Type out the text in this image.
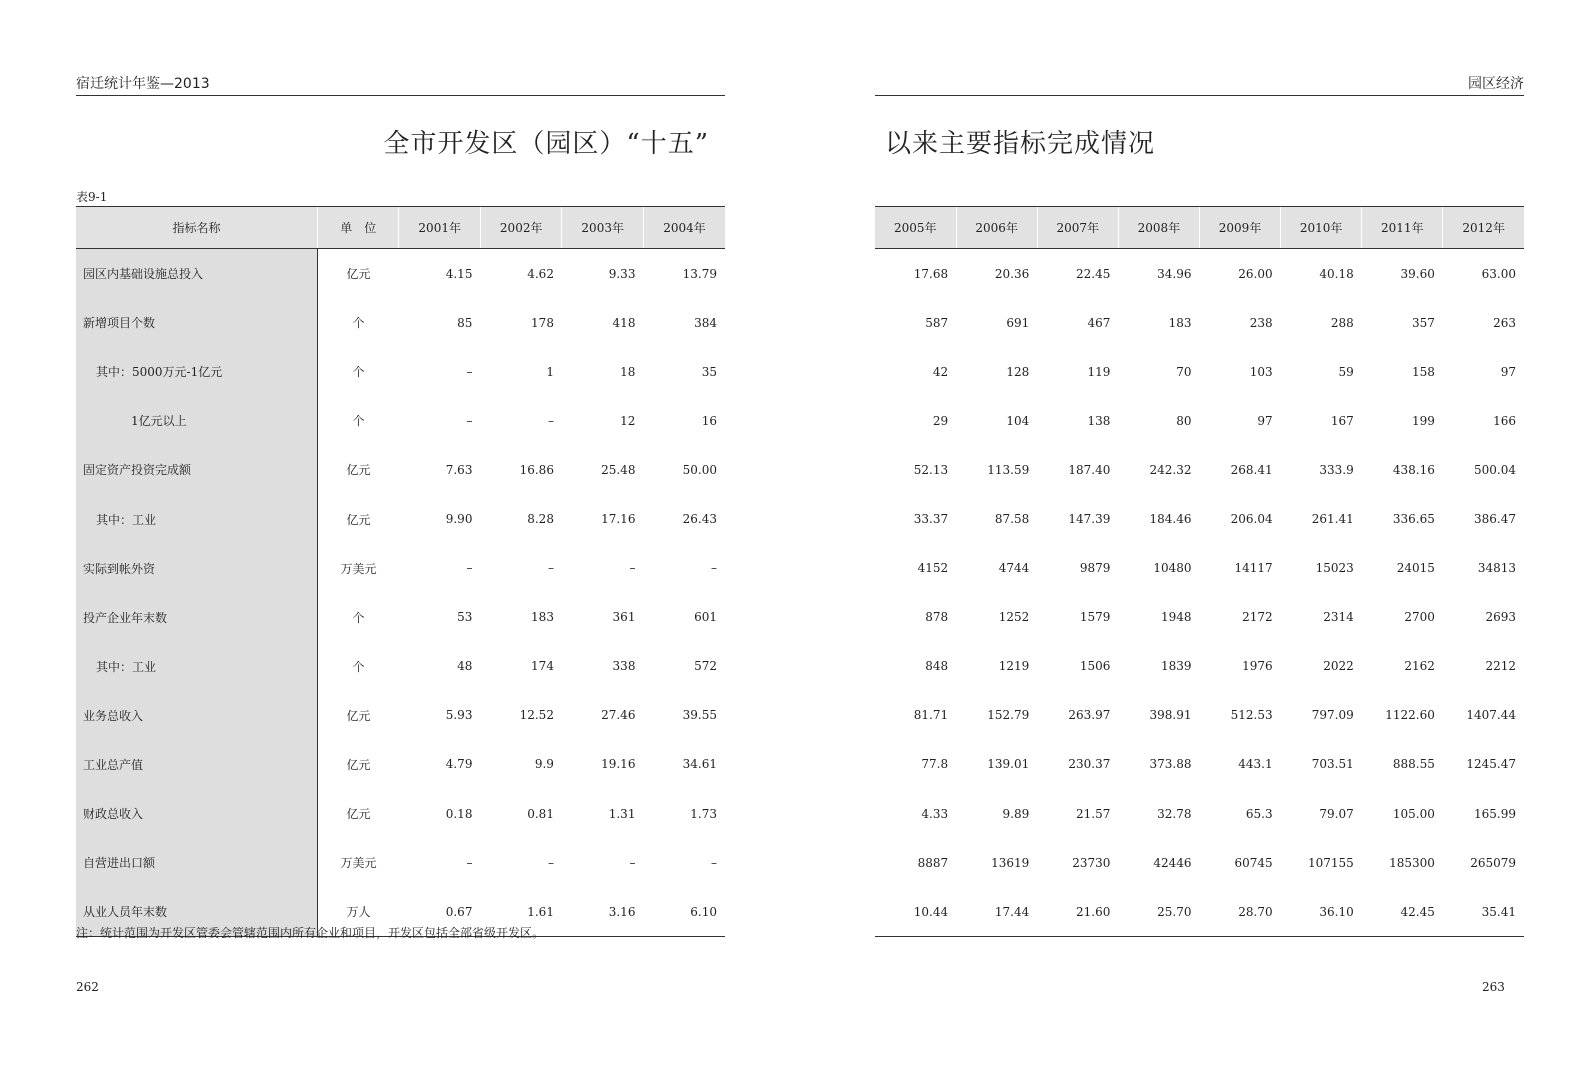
宿迁统计年鉴—2013
全市开发区（园区）“十五”
表9-1
指标名称	单　位	2001年	2002年	2003年	2004年
园区内基础设施总投入	亿元	4.15	4.62	9.33	13.79
新增项目个数	个	85	178	418	384
其中：5000万元-1亿元	个	–	1	18	35
1亿元以上	个	–	–	12	16
固定资产投资完成额	亿元	7.63	16.86	25.48	50.00
其中：工业	亿元	9.90	8.28	17.16	26.43
实际到帐外资	万美元	–	–	–	–
投产企业年末数	个	53	183	361	601
其中：工业	个	48	174	338	572
业务总收入	亿元	5.93	12.52	27.46	39.55
工业总产值	亿元	4.79	9.9	19.16	34.61
财政总收入	亿元	0.18	0.81	1.31	1.73
自营进出口额	万美元	–	–	–	–
从业人员年末数	万人	0.67	1.61	3.16	6.10
注：统计范围为开发区管委会管辖范围内所有企业和项目，开发区包括全部省级开发区。
262
园区经济
以来主要指标完成情况
2005年	2006年	2007年	2008年	2009年	2010年	2011年	2012年
17.68	20.36	22.45	34.96	26.00	40.18	39.60	63.00
587	691	467	183	238	288	357	263
42	128	119	70	103	59	158	97
29	104	138	80	97	167	199	166
52.13	113.59	187.40	242.32	268.41	333.9	438.16	500.04
33.37	87.58	147.39	184.46	206.04	261.41	336.65	386.47
4152	4744	9879	10480	14117	15023	24015	34813
878	1252	1579	1948	2172	2314	2700	2693
848	1219	1506	1839	1976	2022	2162	2212
81.71	152.79	263.97	398.91	512.53	797.09	1122.60	1407.44
77.8	139.01	230.37	373.88	443.1	703.51	888.55	1245.47
4.33	9.89	21.57	32.78	65.3	79.07	105.00	165.99
8887	13619	23730	42446	60745	107155	185300	265079
10.44	17.44	21.60	25.70	28.70	36.10	42.45	35.41
263
